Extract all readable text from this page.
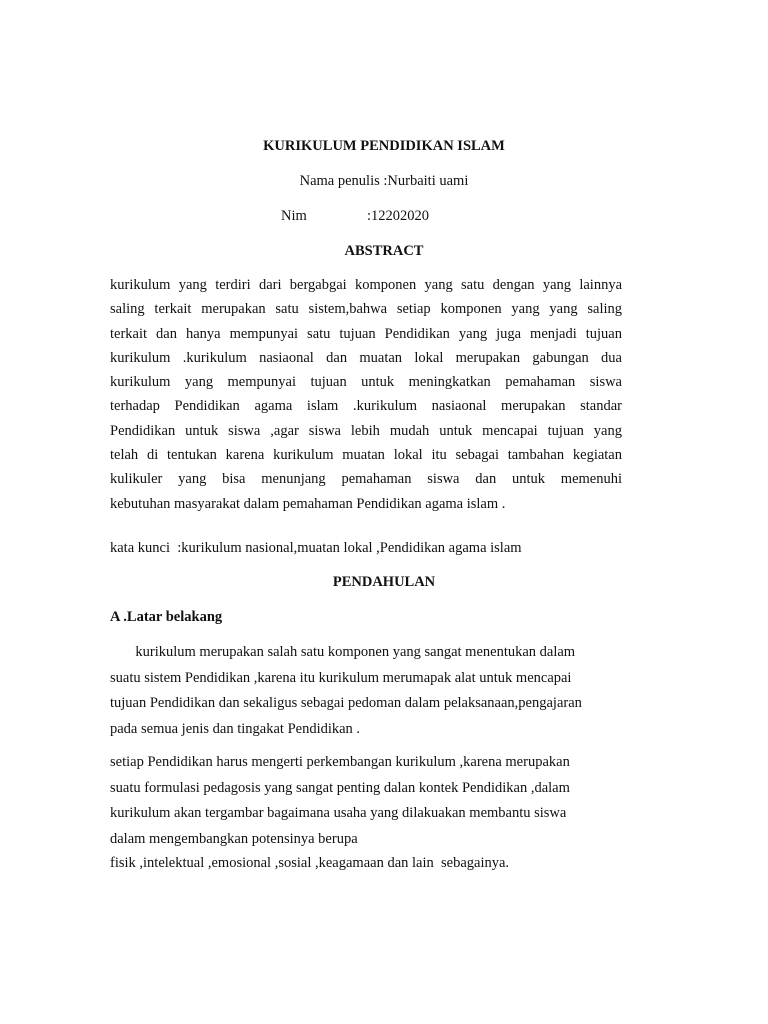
KURIKULUM PENDIDIKAN ISLAM
Nama penulis :Nurbaiti uami
Nim	:12202020
ABSTRACT
kurikulum yang terdiri dari bergabgai komponen yang satu dengan yang lainnya
saling terkait merupakan satu sistem,bahwa setiap komponen yang yang saling
terkait dan hanya mempunyai satu tujuan Pendidikan yang juga menjadi tujuan
kurikulum .kurikulum nasiaonal dan muatan lokal merupakan gabungan dua
kurikulum yang mempunyai tujuan untuk meningkatkan pemahaman siswa
terhadap Pendidikan agama islam .kurikulum nasiaonal merupakan standar
Pendidikan untuk siswa ,agar siswa lebih mudah untuk mencapai tujuan yang
telah di tentukan karena kurikulum muatan lokal itu sebagai tambahan kegiatan
kulikuler yang bisa menunjang pemahaman siswa dan untuk memenuhi
kebutuhan masyarakat dalam pemahaman Pendidikan agama islam .
kata kunci  :kurikulum nasional,muatan lokal ,Pendidikan agama islam
PENDAHULAN
A .Latar belakang
kurikulum merupakan salah satu komponen yang sangat menentukan dalam
suatu sistem Pendidikan ,karena itu kurikulum merumapak alat untuk mencapai
tujuan Pendidikan dan sekaligus sebagai pedoman dalam pelaksanaan,pengajaran
pada semua jenis dan tingakat Pendidikan .
setiap Pendidikan harus mengerti perkembangan kurikulum ,karena merupakan
suatu formulasi pedagosis yang sangat penting dalan kontek Pendidikan ,dalam
kurikulum akan tergambar bagaimana usaha yang dilakuakan membantu siswa
dalam mengembangkan potensinya berupa
fisik ,intelektual ,emosional ,sosial ,keagamaan dan lain  sebagainya.
